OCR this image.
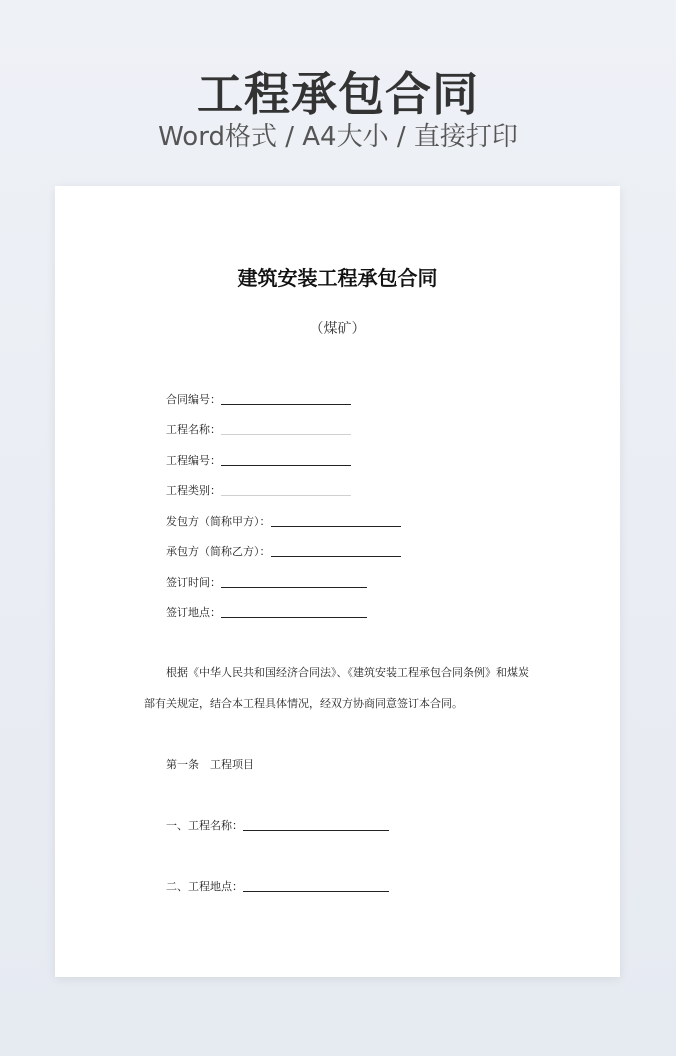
工程承包合同
Word格式 / A4大小 / 直接打印
建筑安装工程承包合同
（煤矿）
合同编号：
工程名称：
工程编号：
工程类别：
发包方（简称甲方）：
承包方（简称乙方）：
签订时间：
签订地点：
根据《中华人民共和国经济合同法》、《建筑安装工程承包合同条例》和煤炭
部有关规定，结合本工程具体情况，经双方协商同意签订本合同。
第一条　工程项目
一、工程名称：
二、工程地点：
